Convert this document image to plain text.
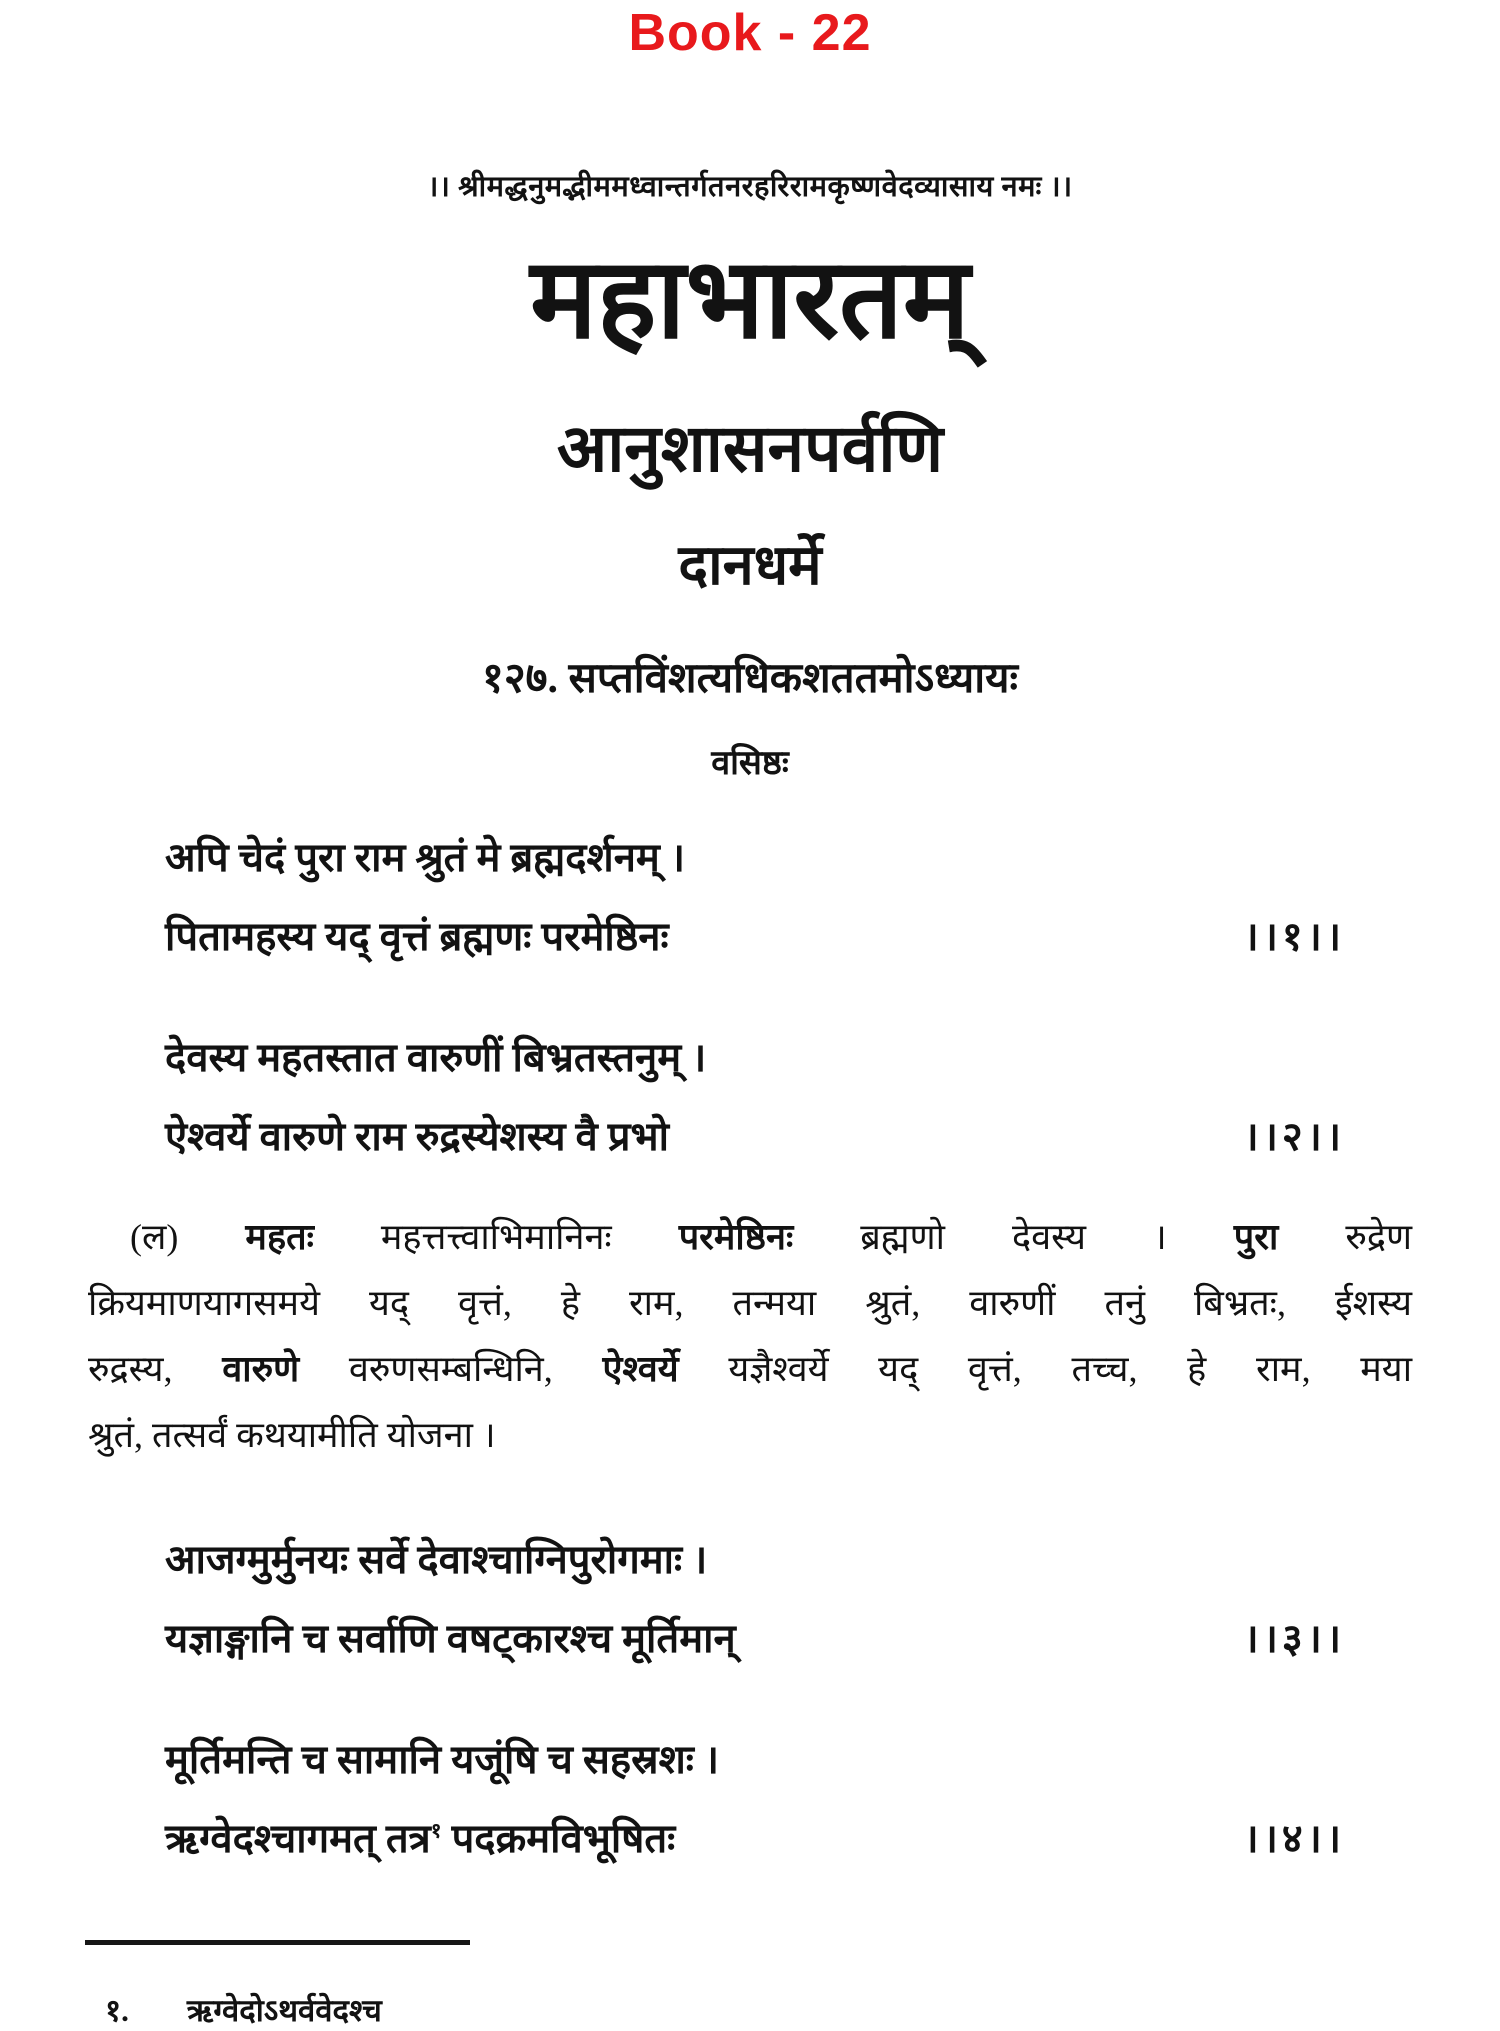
Book - 22
।। श्रीमद्धनुमद्भीममध्वान्तर्गतनरहरिरामकृष्णवेदव्यासाय नमः ।।
महाभारतम्
आनुशासनपर्वणि
दानधर्मे
१२७. सप्तविंशत्यधिकशततमोऽध्यायः
वसिष्ठः
अपि चेदं पुरा राम श्रुतं मे ब्रह्मदर्शनम् ।
पितामहस्य यद् वृत्तं ब्रह्मणः परमेष्ठिनः	।।१।।
देवस्य महतस्तात वारुणीं बिभ्रतस्तनुम् ।
ऐश्वर्ये वारुणे राम रुद्रस्येशस्य वै प्रभो	।।२।।
(ल) महतः महत्तत्त्वाभिमानिनः परमेष्ठिनः ब्रह्मणो देवस्य । पुरा रुद्रेण
क्रियमाणयागसमये यद् वृत्तं, हे राम, तन्मया श्रुतं, वारुणीं तनुं बिभ्रतः, ईशस्य
रुद्रस्य, वारुणे वरुणसम्बन्धिनि, ऐश्वर्ये यज्ञैश्वर्ये यद् वृत्तं, तच्च, हे राम, मया
श्रुतं, तत्सर्वं कथयामीति योजना ।
आजग्मुर्मुनयः सर्वे देवाश्चाग्निपुरोगमाः ।
यज्ञाङ्गानि च सर्वाणि वषट्कारश्च मूर्तिमान्	।।३।।
मूर्तिमन्ति च सामानि यजूंषि च सहस्रशः ।
ऋग्वेदश्चागमत् तत्र$^१$ पदक्रमविभूषितः	।।४।।
१. ऋग्वेदोऽथर्ववेदश्च
